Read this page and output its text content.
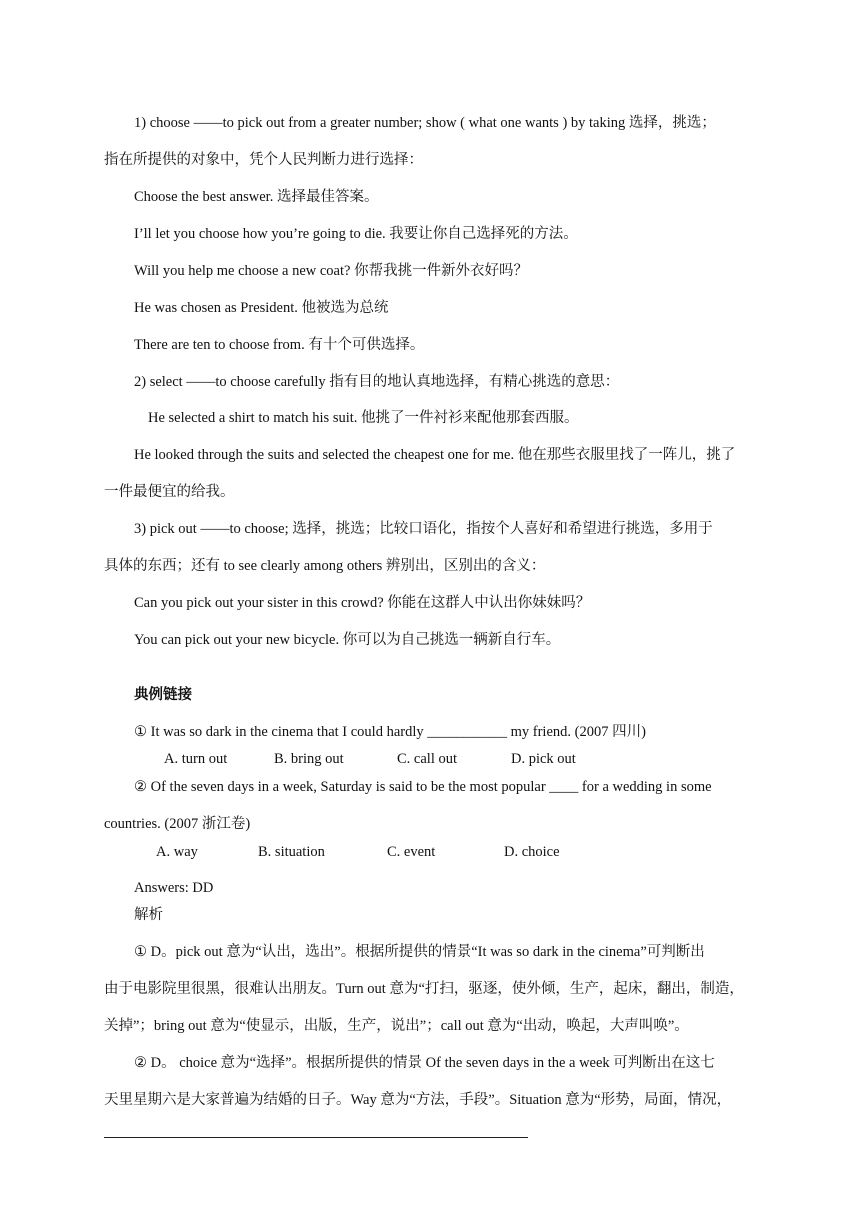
1) choose ——to pick out from a greater number; show ( what one wants ) by taking 选择，挑选；
指在所提供的对象中，凭个人民判断力进行选择：
Choose the best answer. 选择最佳答案。
I’ll let you choose how you’re going to die. 我要让你自己选择死的方法。
Will you help me choose a new coat? 你帮我挑一件新外衣好吗？
He was chosen as President. 他被选为总统
There are ten to choose from. 有十个可供选择。
2) select ——to choose carefully 指有目的地认真地选择，有精心挑选的意思：
He selected a shirt to match his suit. 他挑了一件衬衫来配他那套西服。
He looked through the suits and selected the cheapest one for me. 他在那些衣服里找了一阵儿，挑了
一件最便宜的给我。
3) pick out ——to choose; 选择，挑选；比较口语化，指按个人喜好和希望进行挑选，多用于
具体的东西；还有 to see clearly among others 辨别出，区别出的含义：
Can you pick out your sister in this crowd? 你能在这群人中认出你妹妹吗？
You can pick out your new bicycle. 你可以为自己挑选一辆新自行车。
典例链接
① It was so dark in the cinema that I could hardly ___________ my friend. (2007 四川)
A. turn out	B. bring out	C. call out	D. pick out
② Of the seven days in a week, Saturday is said to be the most popular ____ for a wedding in some
countries. (2007 浙江卷)
A. way	B. situation	C. event	D. choice
Answers: DD
解析
① D。pick out 意为“认出，选出”。根据所提供的情景“It was so dark in the cinema”可判断出
由于电影院里很黑，很难认出朋友。Turn out 意为“打扫，驱逐，使外倾，生产，起床，翻出，制造，
关掉”；bring out 意为“使显示，出版，生产，说出”；call out 意为“出动，唤起，大声叫唤”。
② D。 choice 意为“选择”。根据所提供的情景 Of the seven days in the a week 可判断出在这七
天里星期六是大家普遍为结婚的日子。Way 意为“方法，手段”。Situation 意为“形势，局面，情况，
